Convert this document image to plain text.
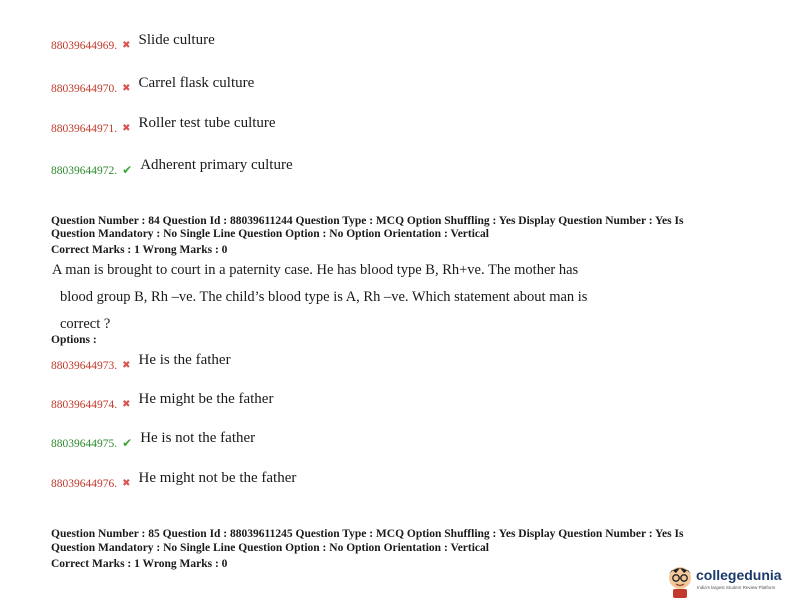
88039644969. ✖ Slide culture
88039644970. ✖ Carrel flask culture
88039644971. ✖ Roller test tube culture
88039644972. ✔ Adherent primary culture
Question Number : 84 Question Id : 88039611244 Question Type : MCQ Option Shuffling : Yes Display Question Number : Yes Is
Question Mandatory : No Single Line Question Option : No Option Orientation : Vertical
Correct Marks : 1 Wrong Marks : 0
A man is brought to court in a paternity case. He has blood type B, Rh+ve. The mother has
blood group B, Rh –ve. The child’s blood type is A, Rh –ve. Which statement about man is
correct ?
Options :
88039644973. ✖ He is the father
88039644974. ✖ He might be the father
88039644975. ✔ He is not the father
88039644976. ✖ He might not be the father
Question Number : 85 Question Id : 88039611245 Question Type : MCQ Option Shuffling : Yes Display Question Number : Yes Is
Question Mandatory : No Single Line Question Option : No Option Orientation : Vertical
Correct Marks : 1 Wrong Marks : 0
collegedunia
India's largest Student Review Platform
